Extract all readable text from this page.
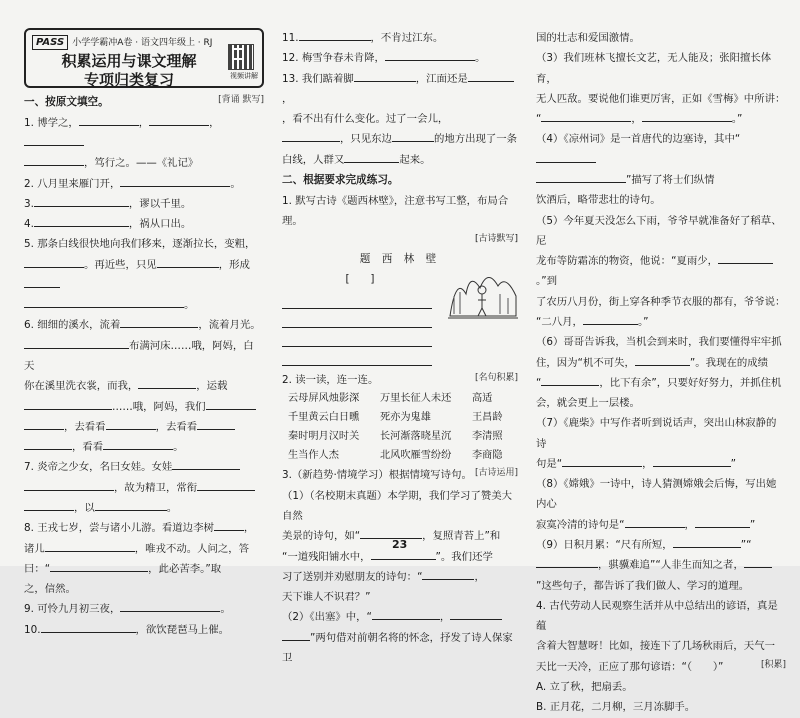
PASS 小学学霸冲A卷 · 语文四年级上 · RJ
积累运用与课文理解
专项归类复习	视频讲解
一、按原文填空。	[背诵 默写]
1. 博学之，	，	，
，笃行之。——《礼记》
2. 八月里来雁门开，	。
3.	，谬以千里。
4.	，祸从口出。
5. 那条白线很快地向我们移来，逐渐拉长，变粗，
。再近些，只见	，形成
。
6. 细细的溪水，流着	，流着月光。
布满河床……哦，阿妈，白天
你在溪里洗衣裳，而我，	，运载
……哦，阿妈，我们
，去看看	，去看看
，看看	。
7. 炎帝之少女，名曰女娃。女娃
，故为精卫，常衔
，以	。
8. 王戎七岁，尝与诸小儿游。看道边李树	，
诸儿	，唯戎不动。人问之，答
曰：“	，此必苦李。”取
之，信然。
9. 可怜九月初三夜，	。
10.	，欲饮琵琶马上催。
11.	，不肯过江东。
12. 梅雪争春未肯降，	。
13. 我们踮着脚	，江面还是，
，看不出有什么变化。过了一会儿，
，只见东边	的地方出现了一条
白线，人群又	起来。
二、根据要求完成练习。
1. 默写古诗《题西林壁》，注意书写工整，布局合理。
[古诗默写]
题 西 林 壁
[　　]
2. 读一读，连一连。	[名句积累]
云母屏风烛影深	万里长征人未还	高适
千里黄云白日曛	死亦为鬼雄	王昌龄
秦时明月汉时关	长河渐落晓星沉	李清照
生当作人杰	北风吹雁雪纷纷	李商隐
3.（新趋势·情境学习）根据情境写诗句。 [古诗运用]
（1）（名校期末真题）本学期，我们学习了赞美大自然
美景的诗句，如“	，复照青苔上”和
“一道残阳铺水中，	”。我们还学
习了送别并劝慰朋友的诗句：“	，
天下谁人不识君？”
（2）《出塞》中，“	，
”两句借对前朝名将的怀念，抒发了诗人保家卫
国的壮志和爱国激情。
（3）我们班林飞擅长文艺，无人能及；张阳擅长体育，
无人匹敌。要说他们谁更厉害，正如《雪梅》中所讲：
“	，	。”
（4）《凉州词》是一首唐代的边塞诗，其中“
”描写了将士们纵情
饮酒后，略带悲壮的诗句。
（5）今年夏天没怎么下雨，爷爷早就准备好了稻草、尼
龙布等防霜冻的物资，他说：“夏雨少，。”到
了农历八月份，街上穿各种季节衣服的都有，爷爷说：
“二八月，	。”
（6）哥哥告诉我，当机会到来时，我们要懂得牢牢抓
住，因为“机不可失，	”。我现在的成绩
“	，比下有余”，只要好好努力，并抓住机
会，就会更上一层楼。
（7）《鹿柴》中写作者听到说话声，突出山林寂静的诗
句是“	，	”
（8）《嫦娥》一诗中，诗人猜测嫦娥会后悔，写出她内心
寂寞冷清的诗句是“	，	”
（9）日积月累：“尺有所短，	”“
，骐骥难追”“人非生而知之者，
”这些句子，都告诉了我们做人、学习的道理。
4. 古代劳动人民观察生活并从中总结出的谚语，真是蕴
含着大智慧呀！比如，接连下了几场秋雨后，天气一
天比一天冷，正应了那句谚语：“（　　）”	[积累]
A. 立了秋，把扇丢。
B. 正月花，二月柳，三月冻脚手。
23
